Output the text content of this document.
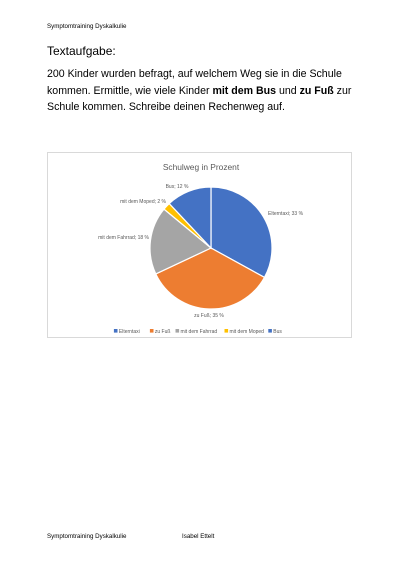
Symptomtraining Dyskalkulie
Textaufgabe:
200 Kinder wurden befragt, auf welchem Weg sie in die Schule kommen. Ermittle, wie viele Kinder mit dem Bus und zu Fuß zur Schule kommen. Schreibe deinen Rechenweg auf.
Schulweg in Prozent
Elterntaxi; 33 %
zu Fuß; 35 %
mit dem Fahrrad; 18 %
mit dem Moped; 2 %
Bus; 12 %
Elterntaxi	zu Fuß mit dem Fahrrad mit dem Moped Bus
Symptomtraining Dyskalkulie	Isabel Ettelt
